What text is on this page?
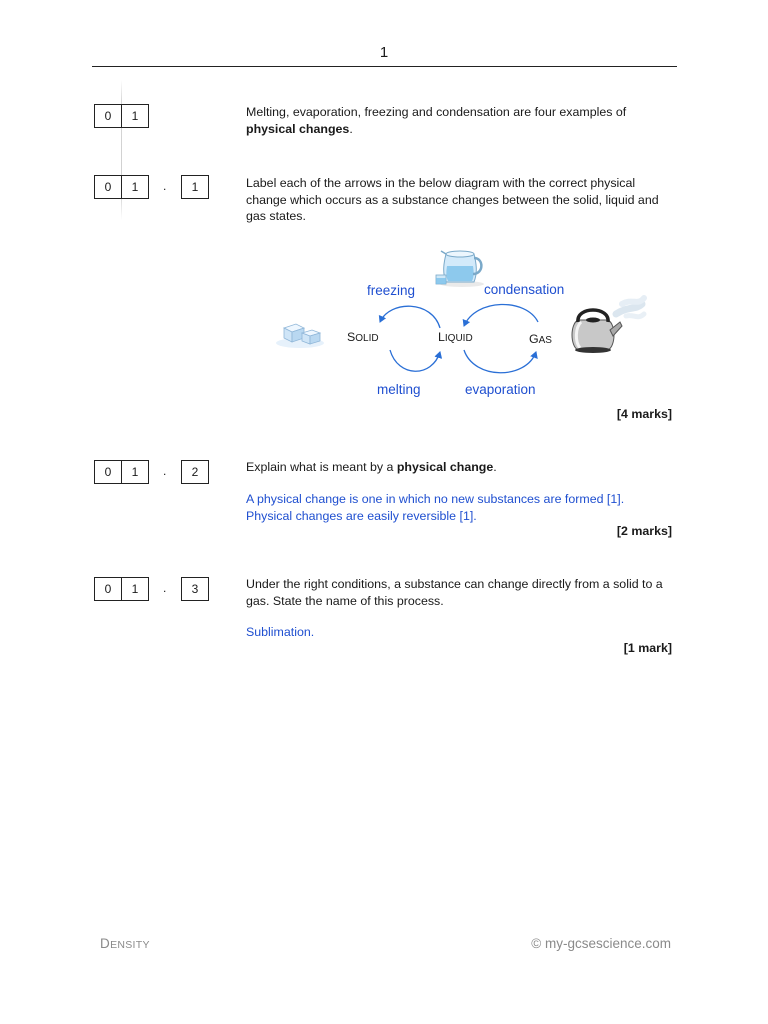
1
0	1	Melting, evaporation, freezing and condensation are four examples of physical changes.
0	1	.	1	Label each of the arrows in the below diagram with the correct physical change which occurs as a substance changes between the solid, liquid and gas states.
SOLID	LIQUID	GAS
freezing	condensation
melting	evaporation
[4 marks]
0	1	.	2	Explain what is meant by a physical change.
A physical change is one in which no new substances are formed [1].
Physical changes are easily reversible [1].
[2 marks]
0	1	.	3	Under the right conditions, a substance can change directly from a solid to a gas. State the name of this process.
Sublimation.
[1 mark]
DENSITY	© my-gcsescience.com
